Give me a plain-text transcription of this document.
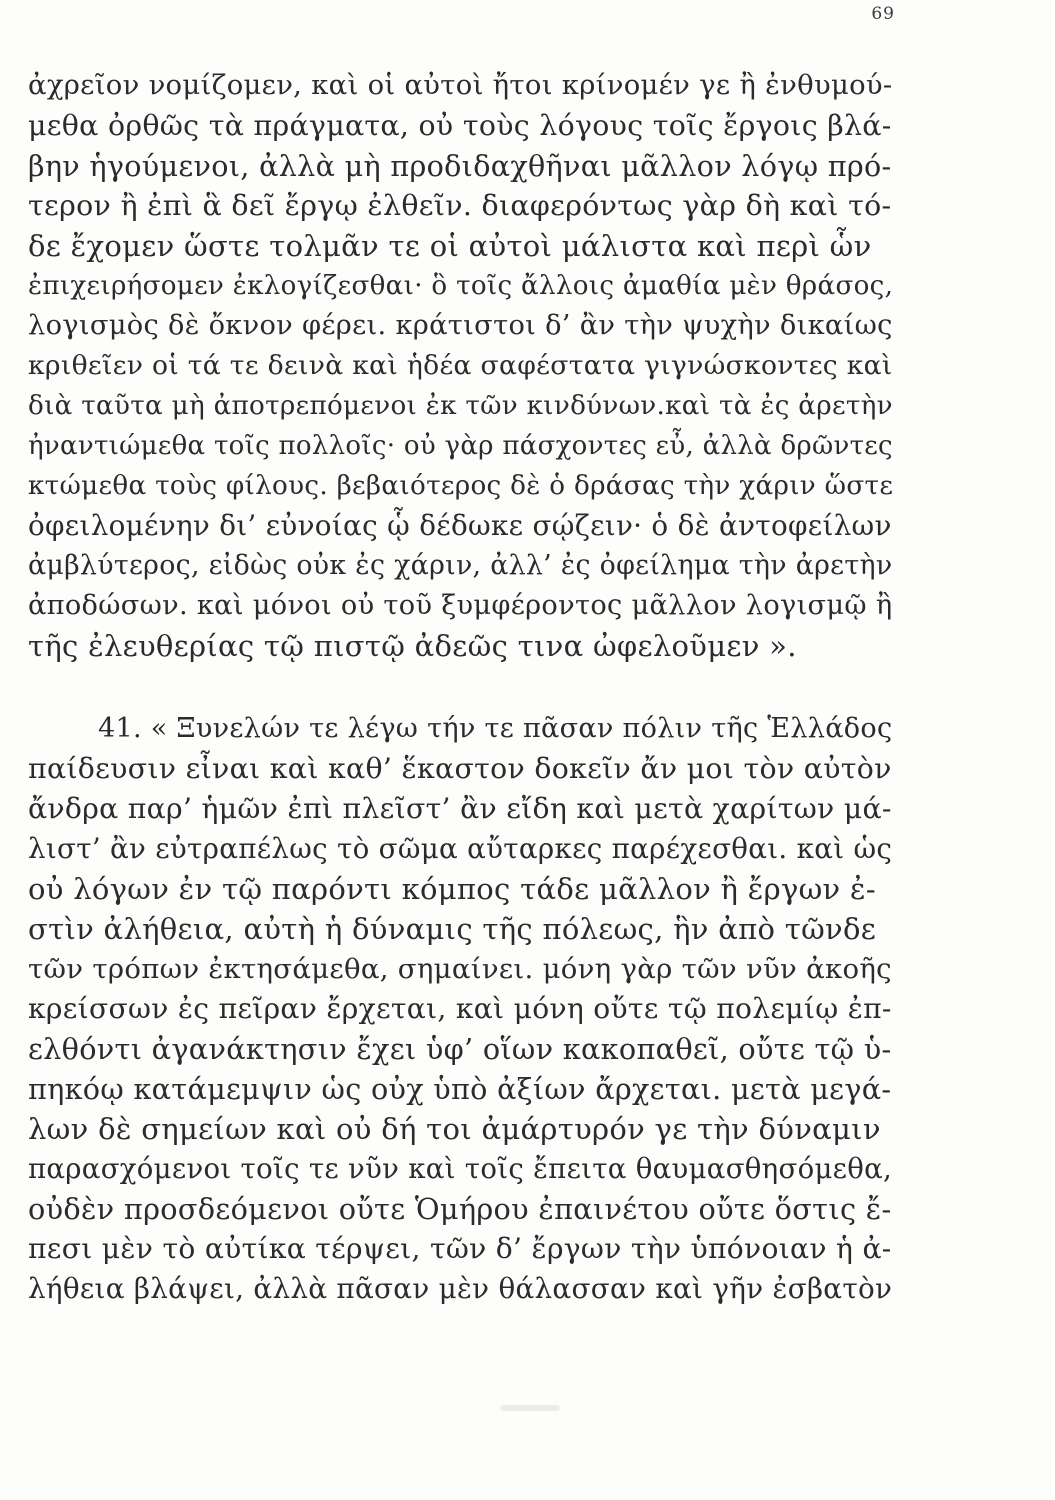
69
ἀχρεῖον νομίζομεν, καὶ οἱ αὐτοὶ ἤτοι κρίνομέν γε ἢ ἐνθυμού-
μεθα ὀρθῶς τὰ πράγματα, οὐ τοὺς λόγους τοῖς ἔργοις βλά-
βην ἡγούμενοι, ἀλλὰ μὴ προδιδαχθῆναι μᾶλλον λόγῳ πρό-
τερον ἢ ἐπὶ ἃ δεῖ ἔργῳ ἐλθεῖν. διαφερόντως γὰρ δὴ καὶ τό-
δε ἔχομεν ὥστε τολμᾶν τε οἱ αὐτοὶ μάλιστα καὶ περὶ ὧν
ἐπιχειρήσομεν ἐκλογίζεσθαι· ὃ τοῖς ἄλλοις ἀμαθία μὲν θράσος,
λογισμὸς δὲ ὄκνον φέρει. κράτιστοι δ’ ἂν τὴν ψυχὴν δικαίως
κριθεῖεν οἱ τά τε δεινὰ καὶ ἡδέα σαφέστατα γιγνώσκοντες καὶ
διὰ ταῦτα μὴ ἀποτρεπόμενοι ἐκ τῶν κινδύνων.καὶ τὰ ἐς ἀρετὴν
ἠναντιώμεθα τοῖς πολλοῖς· οὐ γὰρ πάσχοντες εὖ, ἀλλὰ δρῶντες
κτώμεθα τοὺς φίλους. βεβαιότερος δὲ ὁ δράσας τὴν χάριν ὥστε
ὀφειλομένην δι’ εὐνοίας ᾧ δέδωκε σῴζειν· ὁ δὲ ἀντοφείλων
ἀμβλύτερος, εἰδὼς οὐκ ἐς χάριν, ἀλλ’ ἐς ὀφείλημα τὴν ἀρετὴν
ἀποδώσων. καὶ μόνοι οὐ τοῦ ξυμφέροντος μᾶλλον λογισμῷ ἢ
τῆς ἐλευθερίας τῷ πιστῷ ἀδεῶς τινα ὠφελοῦμεν ».
41. « Ξυνελών τε λέγω τήν τε πᾶσαν πόλιν τῆς Ἑλλάδος
παίδευσιν εἶναι καὶ καθ’ ἕκαστον δοκεῖν ἄν μοι τὸν αὐτὸν
ἄνδρα παρ’ ἡμῶν ἐπὶ πλεῖστ’ ἂν εἴδη καὶ μετὰ χαρίτων μά-
λιστ’ ἂν εὐτραπέλως τὸ σῶμα αὔταρκες παρέχεσθαι. καὶ ὡς
οὐ λόγων ἐν τῷ παρόντι κόμπος τάδε μᾶλλον ἢ ἔργων ἐ-
στὶν ἀλήθεια, αὐτὴ ἡ δύναμις τῆς πόλεως, ἣν ἀπὸ τῶνδε
τῶν τρόπων ἐκτησάμεθα, σημαίνει. μόνη γὰρ τῶν νῦν ἀκοῆς
κρείσσων ἐς πεῖραν ἔρχεται, καὶ μόνη οὔτε τῷ πολεμίῳ ἐπ-
ελθόντι ἀγανάκτησιν ἔχει ὑφ’ οἵων κακοπαθεῖ, οὔτε τῷ ὑ-
πηκόῳ κατάμεμψιν ὡς οὐχ ὑπὸ ἀξίων ἄρχεται. μετὰ μεγά-
λων δὲ σημείων καὶ οὐ δή τοι ἀμάρτυρόν γε τὴν δύναμιν
παρασχόμενοι τοῖς τε νῦν καὶ τοῖς ἔπειτα θαυμασθησόμεθα,
οὐδὲν προσδεόμενοι οὔτε Ὁμήρου ἐπαινέτου οὔτε ὅστις ἔ-
πεσι μὲν τὸ αὐτίκα τέρψει, τῶν δ’ ἔργων τὴν ὑπόνοιαν ἡ ἀ-
λήθεια βλάψει, ἀλλὰ πᾶσαν μὲν θάλασσαν καὶ γῆν ἐσβατὸν
